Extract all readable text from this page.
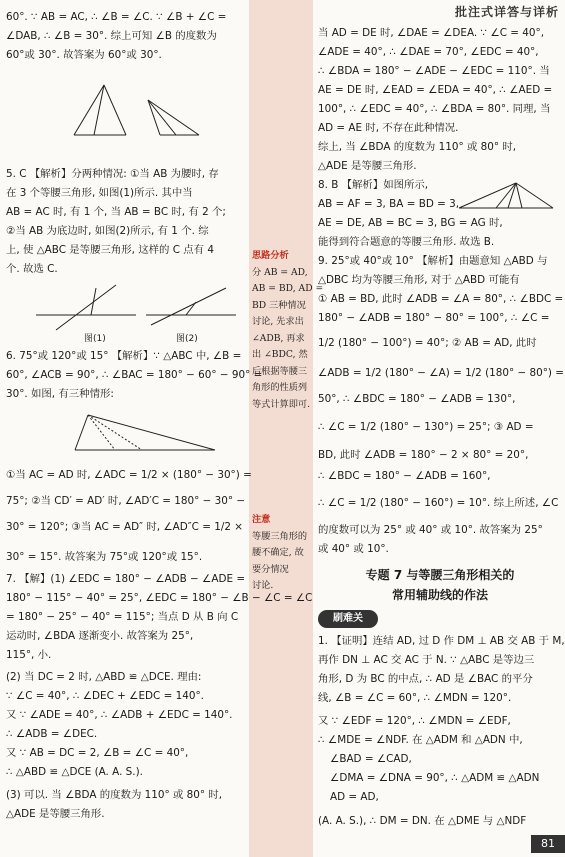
批注式详答与详析
60°. ∵ AB = AC, ∴ ∠B = ∠C. ∵ ∠B + ∠C =
∠DAB, ∴ ∠B = 30°. 综上可知 ∠B 的度数为
60°或 30°. 故答案为 60°或 30°.
5. C 【解析】分两种情况: ①当 AB 为腰时, 存
在 3 个等腰三角形, 如图(1)所示. 其中当
AB = AC 时, 有 1 个, 当 AB = BC 时, 有 2 个;
②当 AB 为底边时, 如图(2)所示, 有 1 个. 综
上, 使 △ABC 是等腰三角形, 这样的 C 点有 4
个. 故选 C.
图(1)	图(2)
6. 75°或 120°或 15° 【解析】∵ △ABC 中, ∠B =
60°, ∠ACB = 90°, ∴ ∠BAC = 180° − 60° − 90° =
30°. 如图, 有三种情形:
①当 AC = AD 时, ∠ADC = 1/2 × (180° − 30°) =
75°; ②当 CD′ = AD′ 时, ∠AD′C = 180° − 30° −
30° = 120°; ③当 AC = AD″ 时, ∠AD″C = 1/2 ×
30° = 15°. 故答案为 75°或 120°或 15°.
7. 【解】(1) ∠EDC = 180° − ∠ADB − ∠ADE =
180° − 115° − 40° = 25°, ∠EDC = 180° − ∠B − ∠C = ∠C
= 180° − 25° − 40° = 115°; 当点 D 从 B 向 C
运动时, ∠BDA 逐渐变小. 故答案为 25°,
115°, 小.
(2) 当 DC = 2 时, △ABD ≌ △DCE. 理由:
∵ ∠C = 40°, ∴ ∠DEC + ∠EDC = 140°.
又 ∵ ∠ADE = 40°, ∴ ∠ADB + ∠EDC = 140°.
∴ ∠ADB = ∠DEC.
又 ∵ AB = DC = 2, ∠B = ∠C = 40°,
∴ △ABD ≌ △DCE (A. A. S.).
(3) 可以. 当 ∠BDA 的度数为 110° 或 80° 时,
△ADE 是等腰三角形.
思路分析
分 AB = AD,
AB = BD, AD =
BD 三种情况
讨论, 先求出
∠ADB, 再求
出 ∠BDC, 然
后根据等腰三
角形的性质列
等式计算即可.
注意
等腰三角形的
腰不确定, 故
要分情况
讨论.
当 AD = DE 时, ∠DAE = ∠DEA. ∵ ∠C = 40°,
∠ADE = 40°, ∴ ∠DAE = 70°, ∠EDC = 40°,
∴ ∠BDA = 180° − ∠ADE − ∠EDC = 110°. 当
AE = DE 时, ∠EAD = ∠EDA = 40°, ∴ ∠AED =
100°, ∴ ∠EDC = 40°, ∴ ∠BDA = 80°. 同理, 当
AD = AE 时, 不存在此种情况.
综上, 当 ∠BDA 的度数为 110° 或 80° 时,
△ADE 是等腰三角形.
8. B 【解析】如图所示,
AB = AF = 3, BA = BD = 3,
AE = DE, AB = BC = 3, BG = AG 时,
能得到符合题意的等腰三角形. 故选 B.
9. 25°或 40°或 10° 【解析】由题意知 △ABD 与
△DBC 均为等腰三角形, 对于 △ABD 可能有
① AB = BD, 此时 ∠ADB = ∠A = 80°, ∴ ∠BDC =
180° − ∠ADB = 180° − 80° = 100°, ∴ ∠C =
1/2 (180° − 100°) = 40°; ② AB = AD, 此时
∠ADB = 1/2 (180° − ∠A) = 1/2 (180° − 80°) =
50°, ∴ ∠BDC = 180° − ∠ADB = 130°,
∴ ∠C = 1/2 (180° − 130°) = 25°; ③ AD =
BD, 此时 ∠ADB = 180° − 2 × 80° = 20°,
∴ ∠BDC = 180° − ∠ADB = 160°,
∴ ∠C = 1/2 (180° − 160°) = 10°. 综上所述, ∠C
的度数可以为 25° 或 40° 或 10°. 故答案为 25°
或 40° 或 10°.
专题 7 与等腰三角形相关的
常用辅助线的作法
刷难关
1. 【证明】连结 AD, 过 D 作 DM ⊥ AB 交 AB 于 M,
再作 DN ⊥ AC 交 AC 于 N. ∵ △ABC 是等边三
角形, D 为 BC 的中点, ∴ AD 是 ∠BAC 的平分
线, ∠B = ∠C = 60°, ∴ ∠MDN = 120°.
又 ∵ ∠EDF = 120°, ∴ ∠MDN = ∠EDF,
∴ ∠MDE = ∠NDF. 在 △ADM 和 △ADN 中,
∠BAD = ∠CAD,
∠DMA = ∠DNA = 90°, ∴ △ADM ≌ △ADN
AD = AD,
(A. A. S.), ∴ DM = DN. 在 △DME 与 △NDF
81
